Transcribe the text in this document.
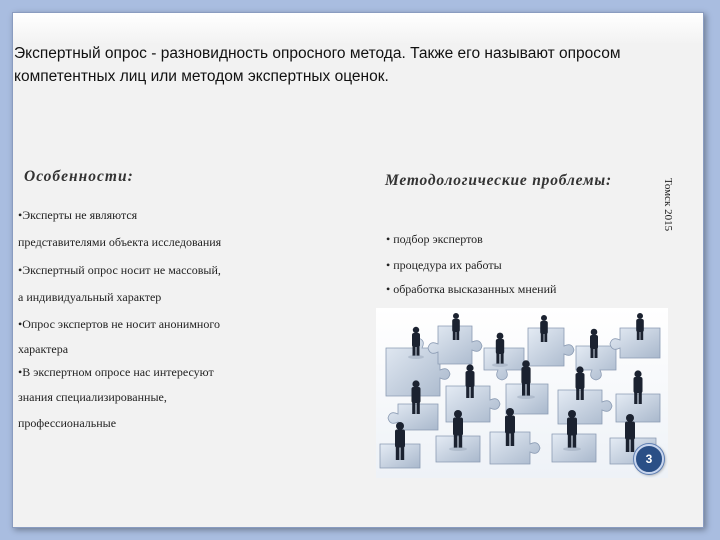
Экспертный опрос - разновидность опросного метода. Также его называют опросом компетентных лиц или методом экспертных оценок.

Особенности:	Методологические проблемы:	Томск 2015
•Эксперты не являются
представителями объекта исследования
•Экспертный опрос носит не массовый,
а индивидуальный характер
•Опрос экспертов не носит анонимного
характера
•В экспертном опросе нас интересуют
знания специализированные,
профессиональные
• подбор экспертов
• процедура их работы
• обработка высказанных мнений
3
